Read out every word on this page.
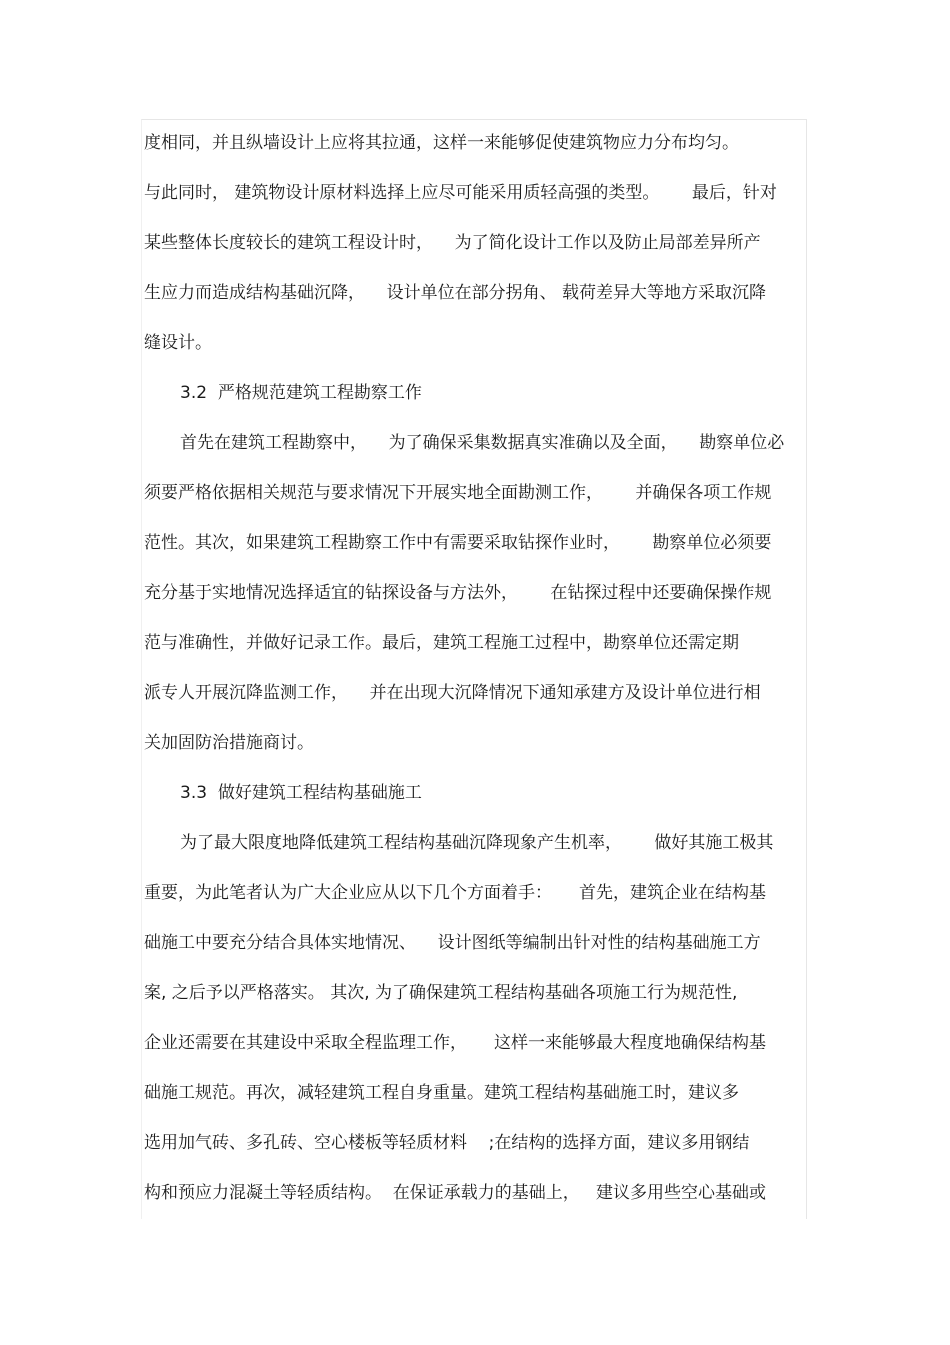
度相同，并且纵墙设计上应将其拉通，这样一来能够促使建筑物应力分布均匀。
与此同时， 建筑物设计原材料选择上应尽可能采用质轻高强的类型。      最后，针对
某些整体长度较长的建筑工程设计时，    为了简化设计工作以及防止局部差异所产
生应力而造成结构基础沉降，    设计单位在部分拐角、 载荷差异大等地方采取沉降
缝设计。
3.2  严格规范建筑工程勘察工作
首先在建筑工程勘察中，    为了确保采集数据真实准确以及全面，    勘察单位必
须要严格依据相关规范与要求情况下开展实地全面勘测工作，      并确保各项工作规
范性。其次，如果建筑工程勘察工作中有需要采取钻探作业时，      勘察单位必须要
充分基于实地情况选择适宜的钻探设备与方法外，      在钻探过程中还要确保操作规
范与准确性，并做好记录工作。最后，建筑工程施工过程中，勘察单位还需定期
派专人开展沉降监测工作，    并在出现大沉降情况下通知承建方及设计单位进行相
关加固防治措施商讨。
3.3  做好建筑工程结构基础施工
为了最大限度地降低建筑工程结构基础沉降现象产生机率，      做好其施工极其
重要，为此笔者认为广大企业应从以下几个方面着手：     首先，建筑企业在结构基
础施工中要充分结合具体实地情况、    设计图纸等编制出针对性的结构基础施工方
案, 之后予以严格落实。 其次, 为了确保建筑工程结构基础各项施工行为规范性,
企业还需要在其建设中采取全程监理工作，     这样一来能够最大程度地确保结构基
础施工规范。再次，减轻建筑工程自身重量。建筑工程结构基础施工时，建议多
选用加气砖、多孔砖、空心楼板等轻质材料    ;在结构的选择方面，建议多用钢结
构和预应力混凝土等轻质结构。  在保证承载力的基础上，   建议多用些空心基础或
